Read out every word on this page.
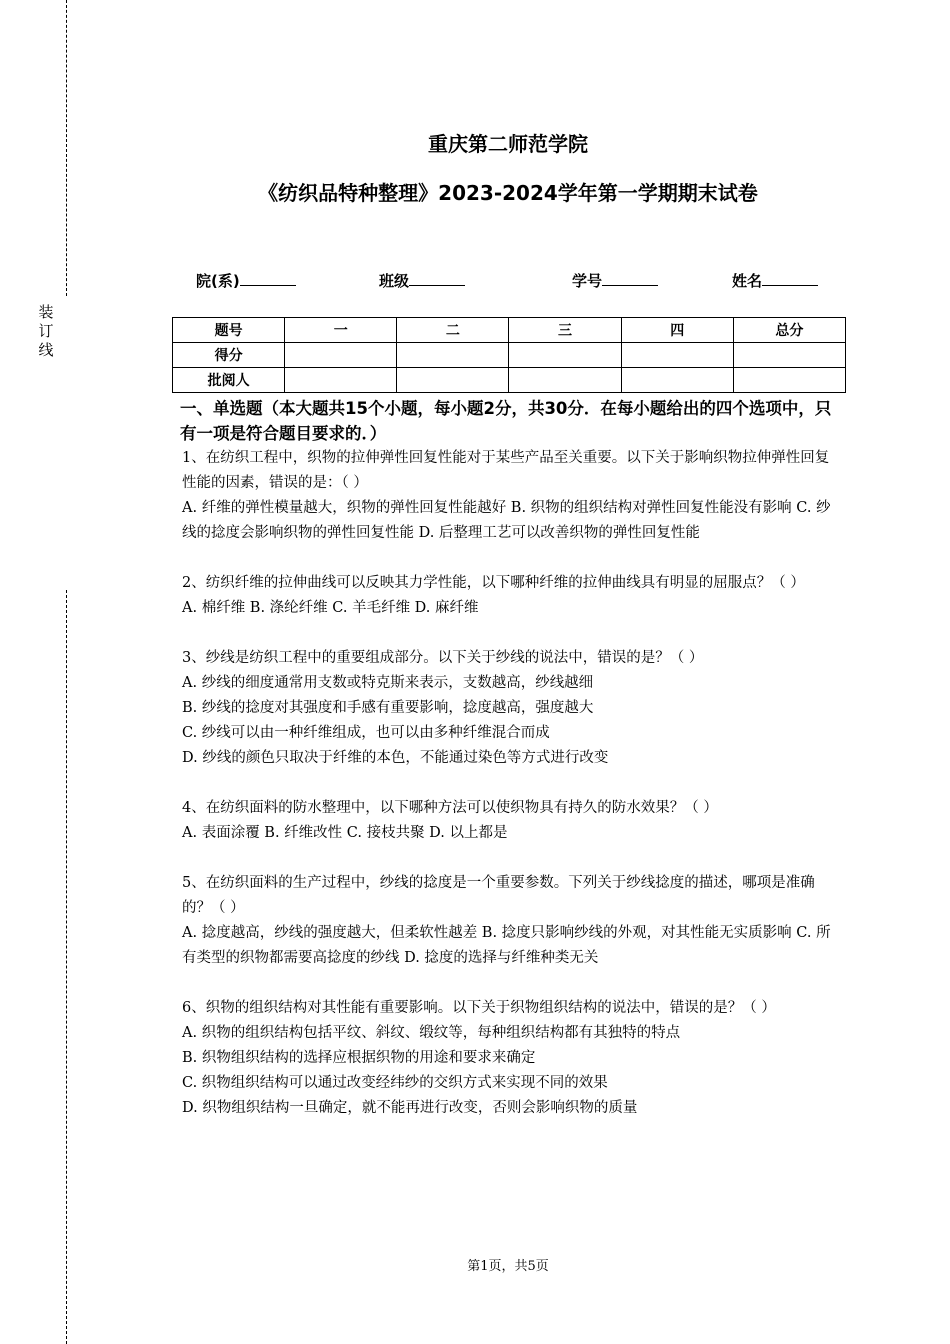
装
订
线
重庆第二师范学院
《纺织品特种整理》2023-2024学年第一学期期末试卷
院(系)	班级	学号	姓名
题号	一	二	三	四	总分
得分					
批阅人					
一、单选题（本大题共15个小题，每小题2分，共30分．在每小题给出的四个选项中，只有一项是符合题目要求的．）

1、在纺织工程中，织物的拉伸弹性回复性能对于某些产品至关重要。以下关于影响织物拉伸弹性回复性能的因素，错误的是：（ ）

A. 纤维的弹性模量越大，织物的弹性回复性能越好 B. 织物的组织结构对弹性回复性能没有影响 C. 纱线的捻度会影响织物的弹性回复性能 D. 后整理工艺可以改善织物的弹性回复性能

2、纺织纤维的拉伸曲线可以反映其力学性能，以下哪种纤维的拉伸曲线具有明显的屈服点？（ ）

A. 棉纤维 B. 涤纶纤维 C. 羊毛纤维 D. 麻纤维

3、纱线是纺织工程中的重要组成部分。以下关于纱线的说法中，错误的是？（ ）

A. 纱线的细度通常用支数或特克斯来表示，支数越高，纱线越细

B. 纱线的捻度对其强度和手感有重要影响，捻度越高，强度越大

C. 纱线可以由一种纤维组成，也可以由多种纤维混合而成

D. 纱线的颜色只取决于纤维的本色，不能通过染色等方式进行改变

4、在纺织面料的防水整理中，以下哪种方法可以使织物具有持久的防水效果？（ ）

A. 表面涂覆 B. 纤维改性 C. 接枝共聚 D. 以上都是

5、在纺织面料的生产过程中，纱线的捻度是一个重要参数。下列关于纱线捻度的描述，哪项是准确的？（ ）

A. 捻度越高，纱线的强度越大，但柔软性越差 B. 捻度只影响纱线的外观，对其性能无实质影响 C. 所有类型的织物都需要高捻度的纱线 D. 捻度的选择与纤维种类无关

6、织物的组织结构对其性能有重要影响。以下关于织物组织结构的说法中，错误的是？（ ）

A. 织物的组织结构包括平纹、斜纹、缎纹等，每种组织结构都有其独特的特点

B. 织物组织结构的选择应根据织物的用途和要求来确定

C. 织物组织结构可以通过改变经纬纱的交织方式来实现不同的效果

D. 织物组织结构一旦确定，就不能再进行改变，否则会影响织物的质量

第1页，共5页
